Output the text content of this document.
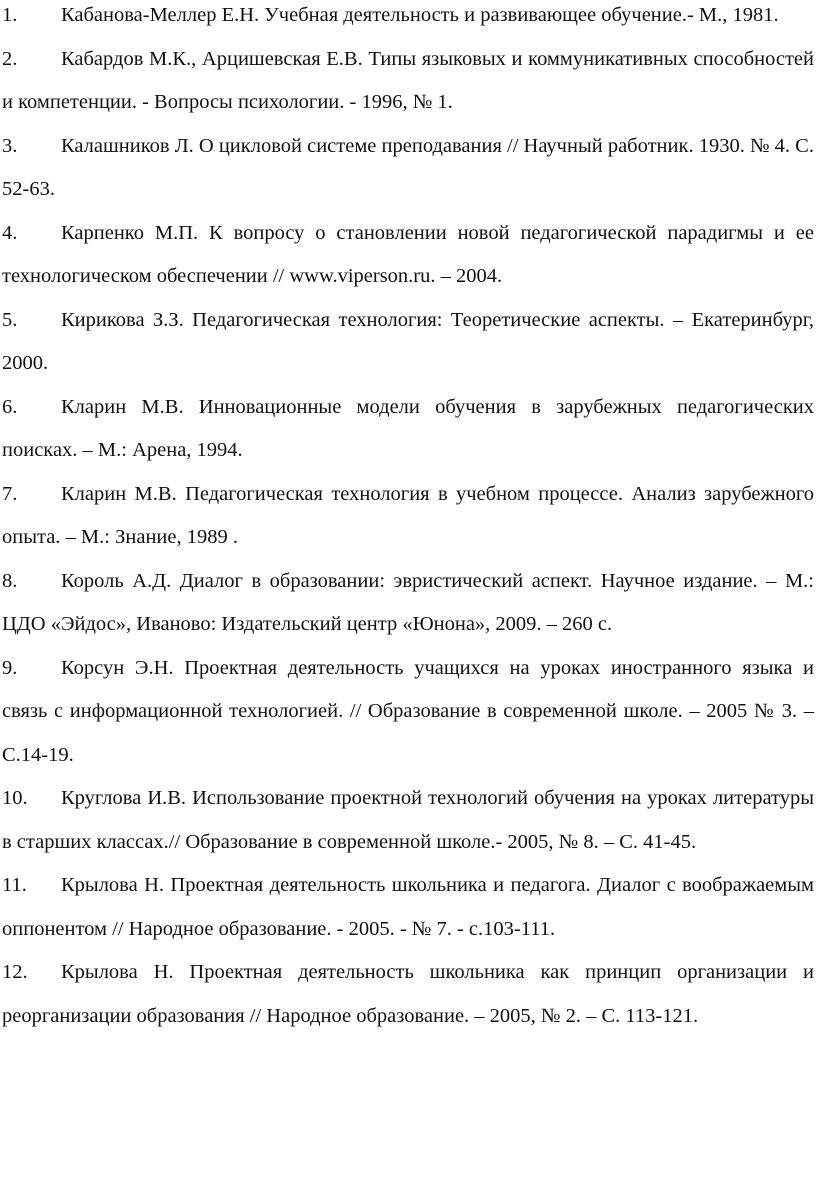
1. Кабанова-Меллер Е.Н. Учебная деятельность и развивающее обучение.- М., 1981.

2. Кабардов М.К., Арцишевская Е.В. Типы языковых и коммуникативных способностей и компетенции. - Вопросы психологии. - 1996, № 1.

3. Калашников Л. О цикловой системе преподавания // Научный работник. 1930. № 4. С. 52-63.

4. Карпенко М.П. К вопросу о становлении новой педагогической парадигмы и ее технологическом обеспечении // www.viperson.ru. – 2004.

5. Кирикова З.З. Педагогическая технология: Теоретические аспекты. – Екатеринбург, 2000.

6. Кларин М.В. Инновационные модели обучения в зарубежных педагогических поисках. – М.: Арена, 1994.

7. Кларин М.В. Педагогическая технология в учебном процессе. Анализ зарубежного опыта. – М.: Знание, 1989 .

8. Король А.Д. Диалог в образовании: эвристический аспект. Научное издание. – М.: ЦДО «Эйдос», Иваново: Издательский центр «Юнона», 2009. – 260 с.

9. Корсун Э.Н. Проектная деятельность учащихся на уроках иностранного языка и связь с информационной технологией. // Образование в современной школе. – 2005 № 3. – С.14-19.

10. Круглова И.В. Использование проектной технологий обучения на уроках литературы в старших классах.// Образование в современной школе.- 2005, № 8. – С. 41-45.

11. Крылова Н. Проектная деятельность школьника и педагога. Диалог с воображаемым оппонентом // Народное образование. - 2005. - № 7. - с.103-111.

12. Крылова Н. Проектная деятельность школьника как принцип организации и реорганизации образования // Народное образование. – 2005, № 2. – С. 113-121.
